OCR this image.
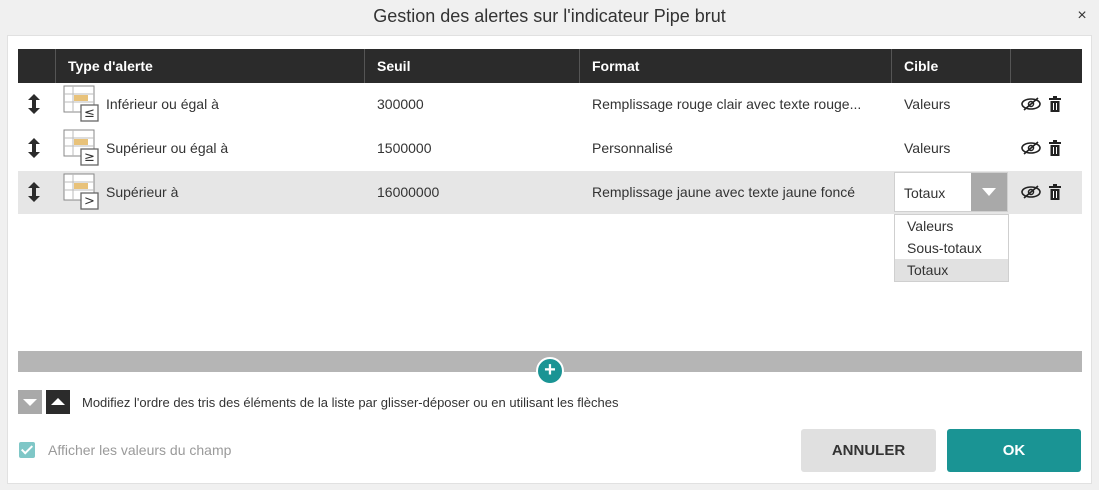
Gestion des alertes sur l'indicateur Pipe brut	×
Type d'alerte	Seuil	Format	Cible
≤
Inférieur ou égal à	300000	Remplissage rouge clair avec texte rouge...	Valeurs
≥
Supérieur ou égal à	1500000	Personnalisé	Valeurs
>
Supérieur à	16000000	Remplissage jaune avec texte jaune foncé	Totaux
Valeurs
Sous-totaux
Totaux
+
Modifiez l'ordre des tris des éléments de la liste par glisser-déposer ou en utilisant les flèches
Afficher les valeurs du champ	ANNULER	OK
